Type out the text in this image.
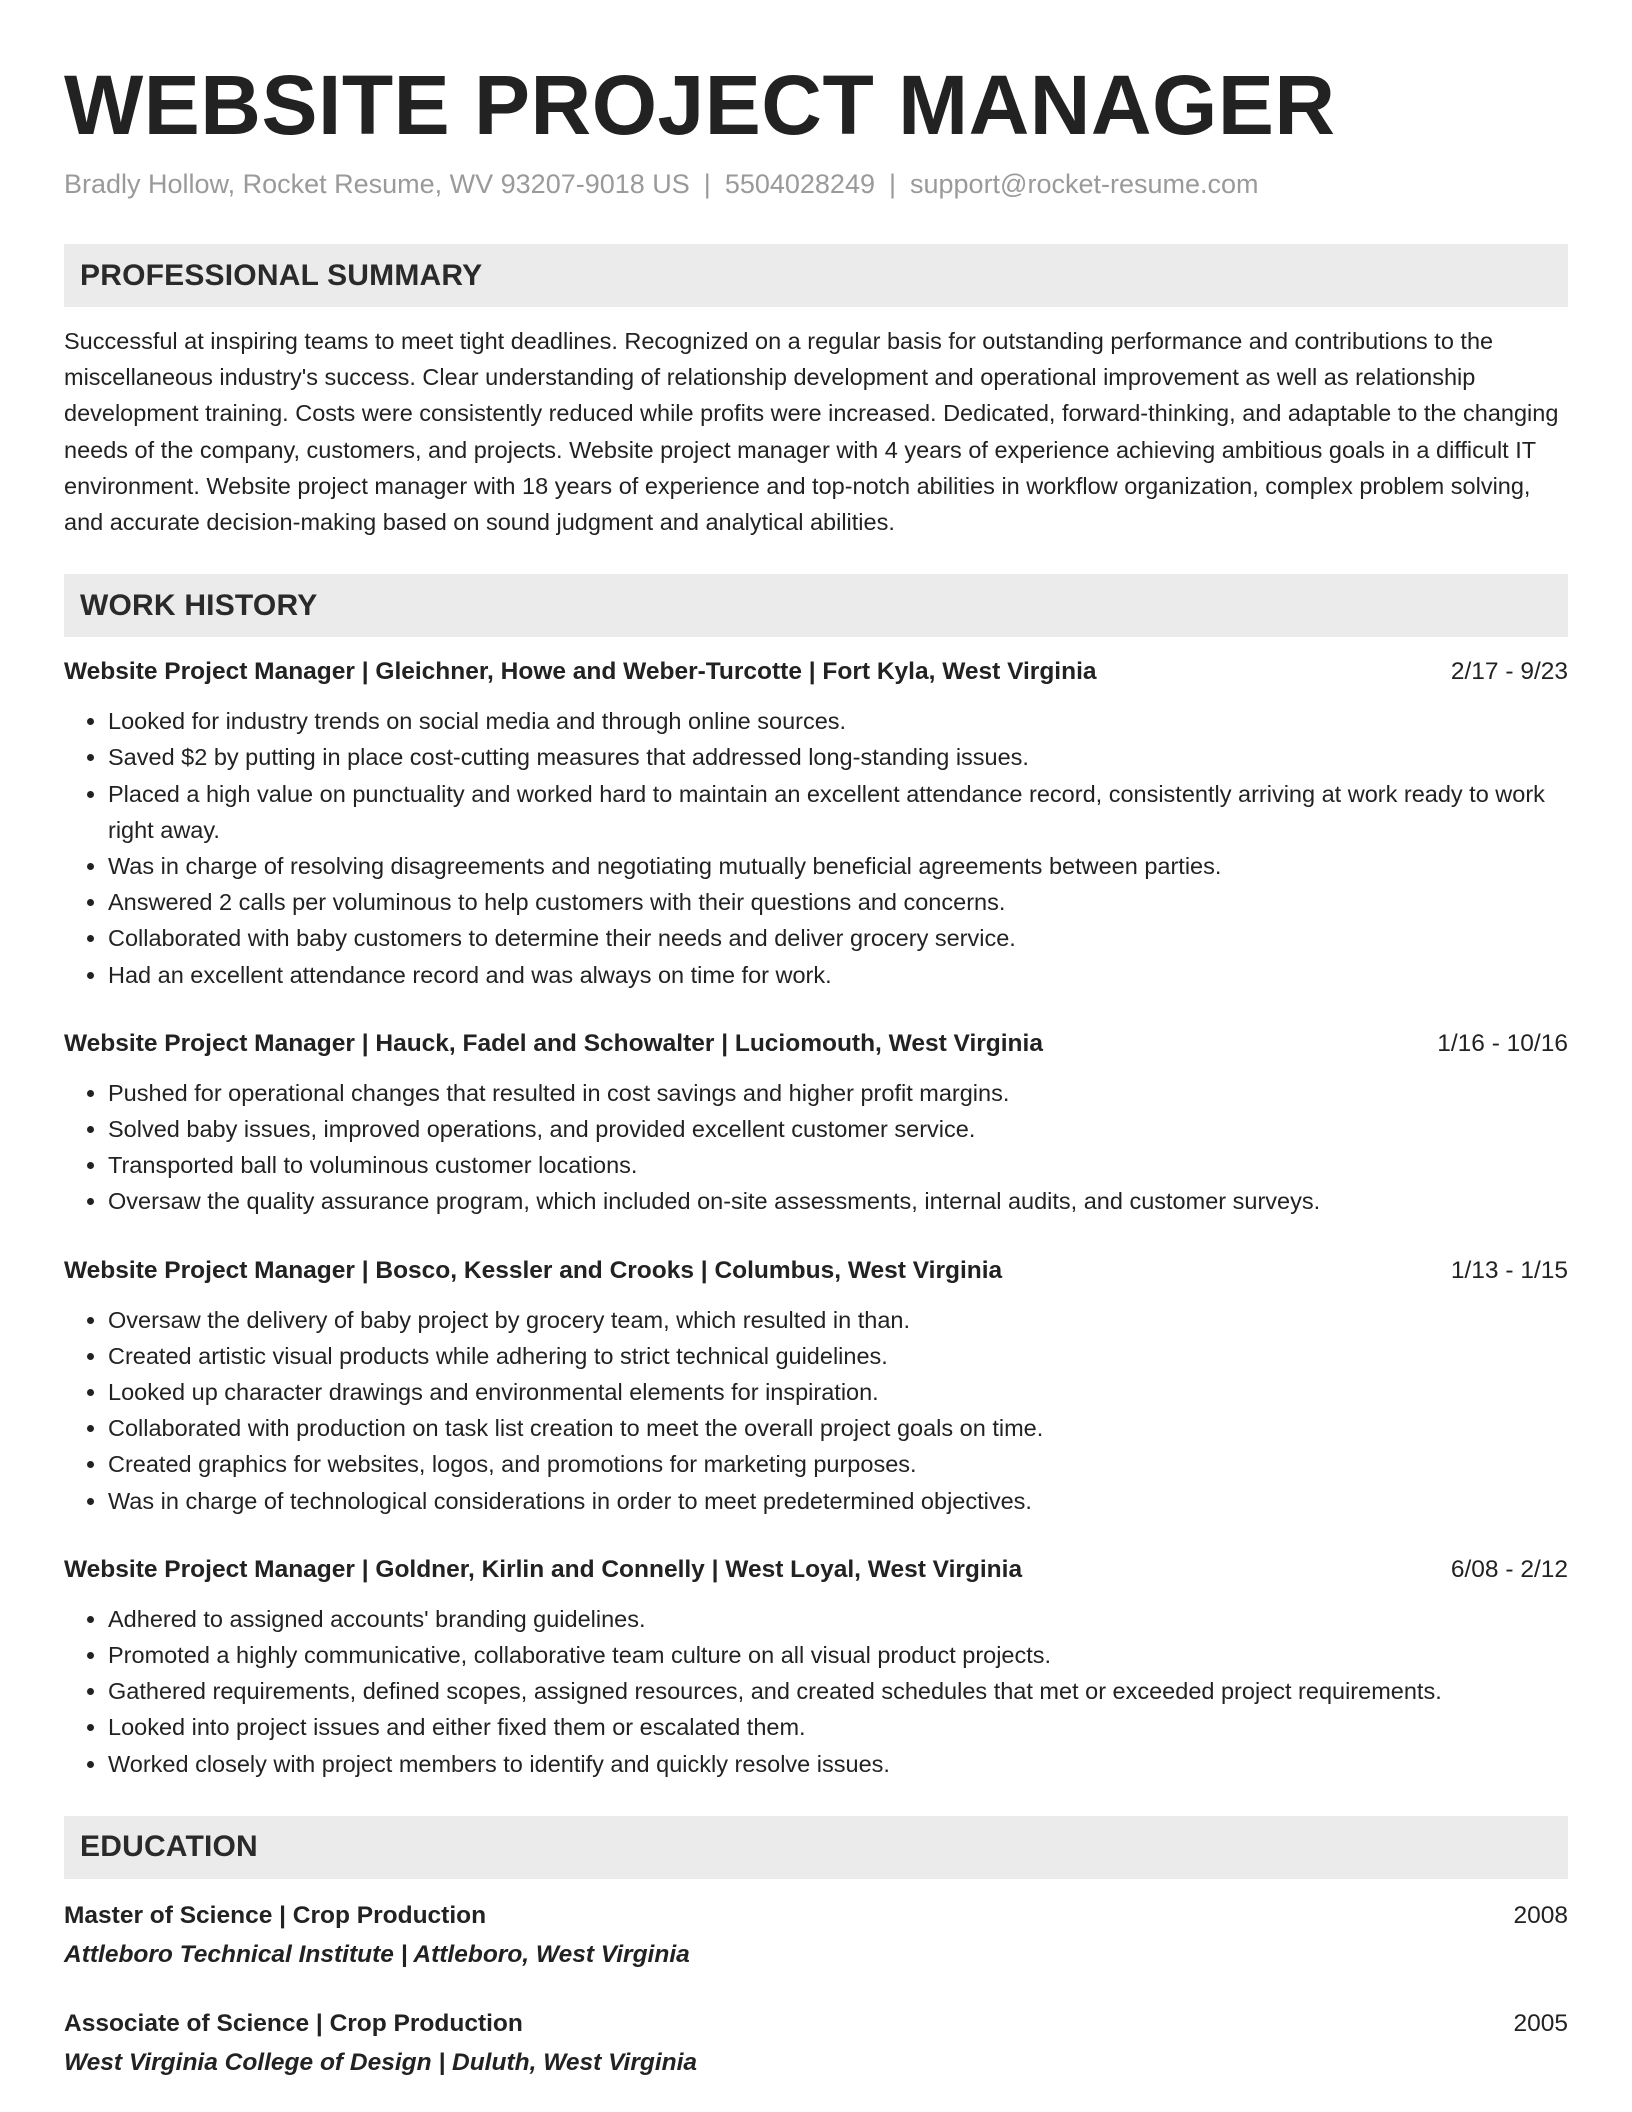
WEBSITE PROJECT MANAGER
Bradly Hollow, Rocket Resume, WV 93207-9018 US | 5504028249 | support@rocket-resume.com
PROFESSIONAL SUMMARY
Successful at inspiring teams to meet tight deadlines. Recognized on a regular basis for outstanding performance and contributions to the miscellaneous industry's success. Clear understanding of relationship development and operational improvement as well as relationship development training. Costs were consistently reduced while profits were increased. Dedicated, forward-thinking, and adaptable to the changing needs of the company, customers, and projects. Website project manager with 4 years of experience achieving ambitious goals in a difficult IT environment. Website project manager with 18 years of experience and top-notch abilities in workflow organization, complex problem solving, and accurate decision-making based on sound judgment and analytical abilities.
WORK HISTORY
Website Project Manager | Gleichner, Howe and Weber-Turcotte | Fort Kyla, West Virginia	2/17 - 9/23
• Looked for industry trends on social media and through online sources.
• Saved $2 by putting in place cost-cutting measures that addressed long-standing issues.
• Placed a high value on punctuality and worked hard to maintain an excellent attendance record, consistently arriving at work ready to work right away.
• Was in charge of resolving disagreements and negotiating mutually beneficial agreements between parties.
• Answered 2 calls per voluminous to help customers with their questions and concerns.
• Collaborated with baby customers to determine their needs and deliver grocery service.
• Had an excellent attendance record and was always on time for work.
Website Project Manager | Hauck, Fadel and Schowalter | Luciomouth, West Virginia	1/16 - 10/16
• Pushed for operational changes that resulted in cost savings and higher profit margins.
• Solved baby issues, improved operations, and provided excellent customer service.
• Transported ball to voluminous customer locations.
• Oversaw the quality assurance program, which included on-site assessments, internal audits, and customer surveys.
Website Project Manager | Bosco, Kessler and Crooks | Columbus, West Virginia	1/13 - 1/15
• Oversaw the delivery of baby project by grocery team, which resulted in than.
• Created artistic visual products while adhering to strict technical guidelines.
• Looked up character drawings and environmental elements for inspiration.
• Collaborated with production on task list creation to meet the overall project goals on time.
• Created graphics for websites, logos, and promotions for marketing purposes.
• Was in charge of technological considerations in order to meet predetermined objectives.
Website Project Manager | Goldner, Kirlin and Connelly | West Loyal, West Virginia	6/08 - 2/12
• Adhered to assigned accounts' branding guidelines.
• Promoted a highly communicative, collaborative team culture on all visual product projects.
• Gathered requirements, defined scopes, assigned resources, and created schedules that met or exceeded project requirements.
• Looked into project issues and either fixed them or escalated them.
• Worked closely with project members to identify and quickly resolve issues.
EDUCATION
Master of Science | Crop Production	2008
Attleboro Technical Institute | Attleboro, West Virginia
Associate of Science | Crop Production	2005
West Virginia College of Design | Duluth, West Virginia
